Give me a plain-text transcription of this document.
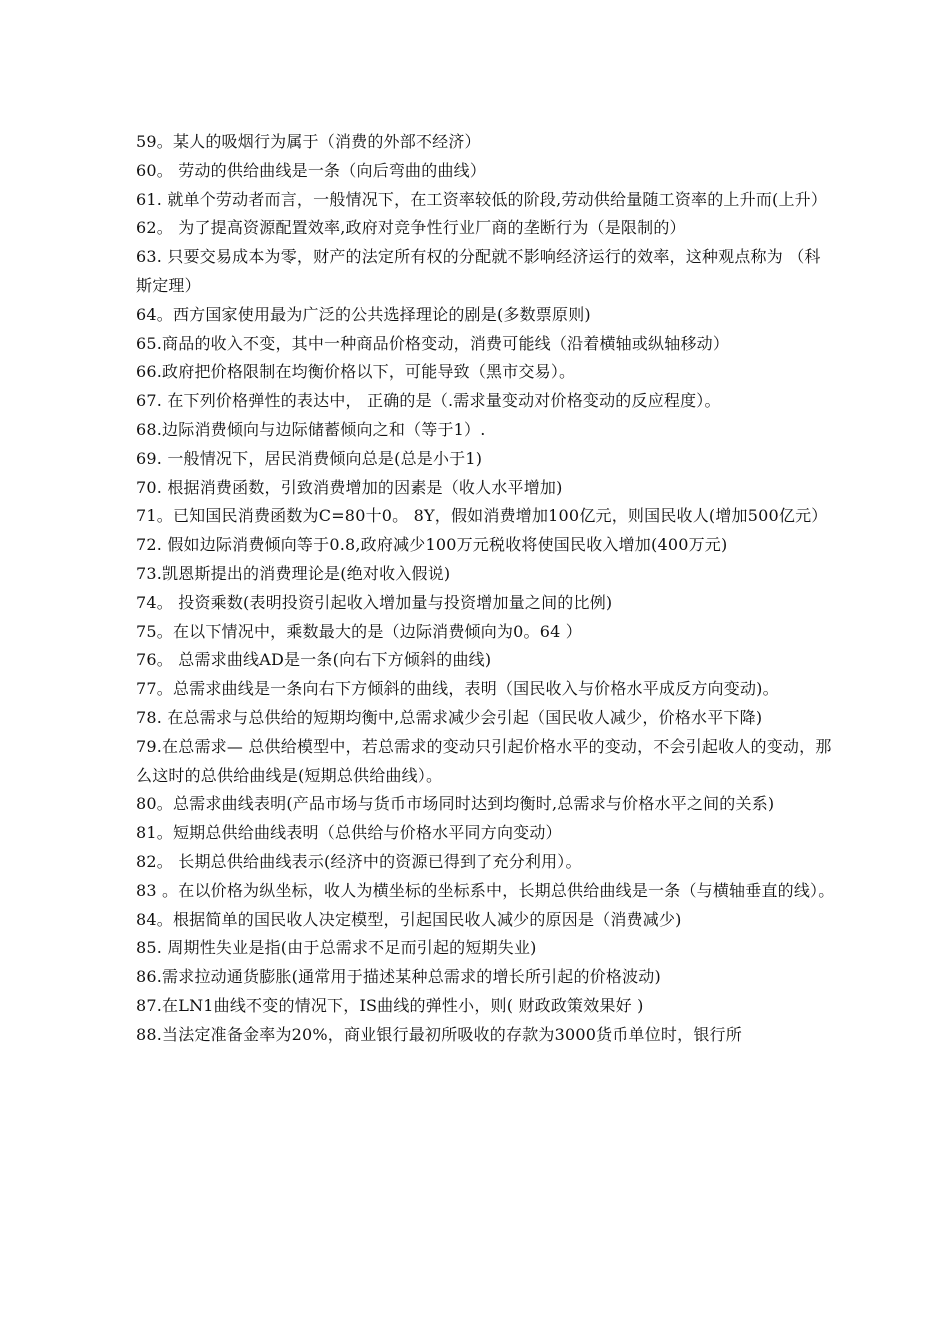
59。某人的吸烟行为属于（消费的外部不经济）

60。 劳动的供给曲线是一条（向后弯曲的曲线）

61. 就单个劳动者而言，一般情况下，在工资率较低的阶段,劳动供给量随工资率的上升而(上升）

62。 为了提高资源配置效率,政府对竞争性行业厂商的垄断行为（是限制的）

63. 只要交易成本为零，财产的法定所有权的分配就不影响经济运行的效率，这种观点称为 （科斯定理）

64。西方国家使用最为广泛的公共选择理论的剧是(多数票原则)

65.商品的收入不变，其中一种商品价格变动，消费可能线（沿着横轴或纵轴移动）

66.政府把价格限制在均衡价格以下，可能导致（黑市交易）。

67. 在下列价格弹性的表达中， 正确的是（.需求量变动对价格变动的反应程度）。

68.边际消费倾向与边际储蓄倾向之和（等于1）.

69. 一般情况下，居民消费倾向总是(总是小于1)

70. 根据消费函数，引致消费增加的因素是（收人水平增加)

71。已知国民消费函数为C=80十0。 8Y，假如消费增加100亿元，则国民收人(增加500亿元）

72. 假如边际消费倾向等于0.8,政府减少100万元税收将使国民收入增加(400万元)

73.凯恩斯提出的消费理论是(绝对收入假说)

74。 投资乘数(表明投资引起收入增加量与投资增加量之间的比例)

75。在以下情况中，乘数最大的是（边际消费倾向为0。64 ）

76。 总需求曲线AD是一条(向右下方倾斜的曲线)

77。总需求曲线是一条向右下方倾斜的曲线，表明（国民收入与价格水平成反方向变动)。

78. 在总需求与总供给的短期均衡中,总需求减少会引起（国民收人减少，价格水平下降)

79.在总需求— 总供给模型中，若总需求的变动只引起价格水平的变动，不会引起收人的变动，那么这时的总供给曲线是(短期总供给曲线）。

80。总需求曲线表明(产品市场与货币市场同时达到均衡时,总需求与价格水平之间的关系)

81。短期总供给曲线表明（总供给与价格水平同方向变动）

82。 长期总供给曲线表示(经济中的资源已得到了充分利用）。

83 。在以价格为纵坐标，收人为横坐标的坐标系中，长期总供给曲线是一条（与横轴垂直的线）。

84。根据简单的国民收人决定模型，引起国民收人减少的原因是（消费减少)

85. 周期性失业是指(由于总需求不足而引起的短期失业)

86.需求拉动通货膨胀(通常用于描述某种总需求的增长所引起的价格波动)

87.在LN1曲线不变的情况下，IS曲线的弹性小，则( 财政政策效果好 )

88.当法定准备金率为20%，商业银行最初所吸收的存款为3000货币单位时，银行所
